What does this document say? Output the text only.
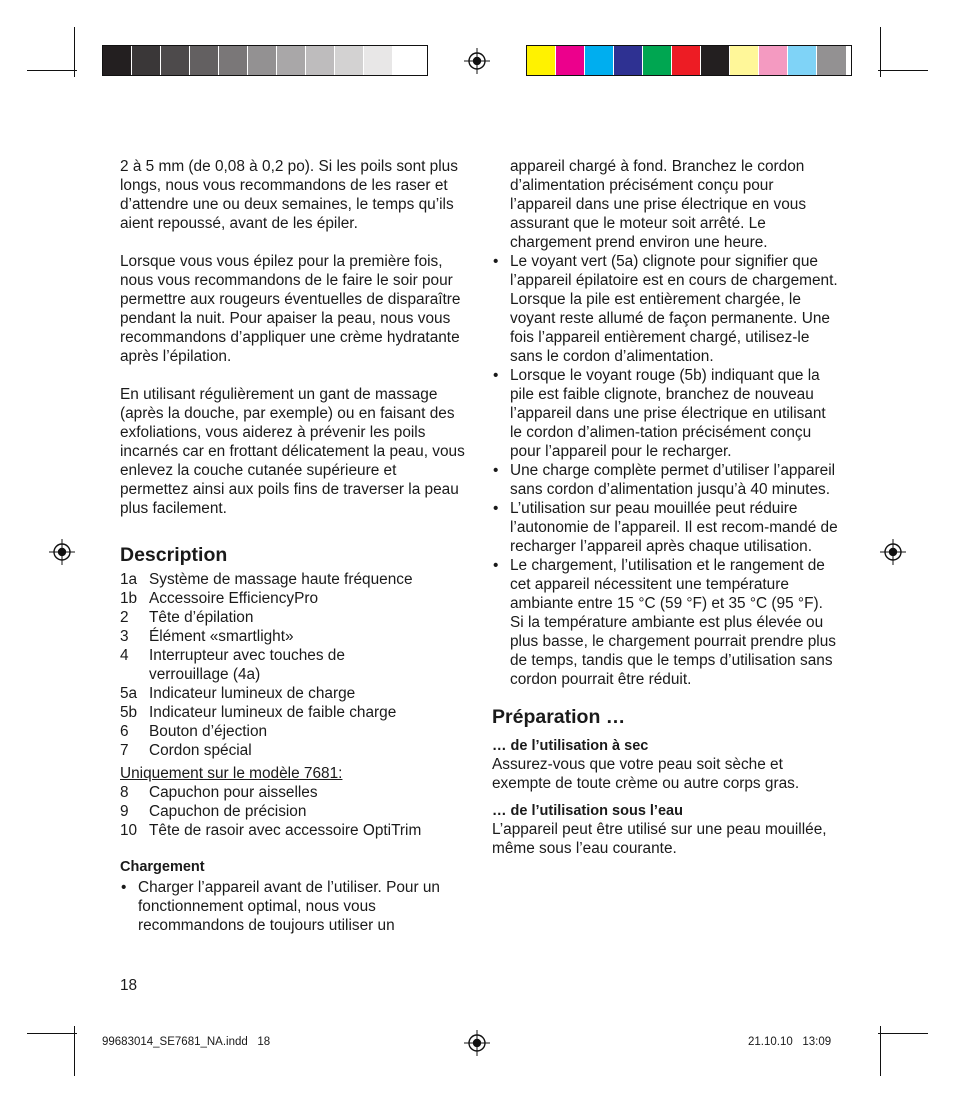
2 à 5 mm (de 0,08 à 0,2 po). Si les poils sont plus longs, nous vous recommandons de les raser et d’attendre une ou deux semaines, le temps qu’ils aient repoussé, avant de les épiler.

Lorsque vous vous épilez pour la première fois, nous vous recommandons de le faire le soir pour permettre aux rougeurs éventuelles de disparaître pendant la nuit. Pour apaiser la peau, nous vous recommandons d’appliquer une crème hydratante après l’épilation.

En utilisant régulièrement un gant de massage (après la douche, par exemple) ou en faisant des exfoliations, vous aiderez à prévenir les poils incarnés car en frottant délicatement la peau, vous enlevez la couche cutanée supérieure et permettez ainsi aux poils fins de traverser la peau plus facilement.

Description
1a Système de massage haute fréquence
1b Accessoire EfficiencyPro
2	Tête d’épilation
3	Élément «smartlight»
4	Interrupteur avec touches de verrouillage (4a)
5a Indicateur lumineux de charge
5b Indicateur lumineux de faible charge
6	Bouton d’éjection
7	Cordon spécial
Uniquement sur le modèle 7681:
8	Capuchon pour aisselles
9	Capuchon de précision
10 Tête de rasoir avec accessoire OptiTrim
Chargement
• Charger l’appareil avant de l’utiliser. Pour un fonctionnement optimal, nous vous recommandons de toujours utiliser un

appareil chargé à fond. Branchez le cordon d’alimentation précisément conçu pour l’appareil dans une prise électrique en vous assurant que le moteur soit arrêté. Le chargement prend environ une heure.

• Le voyant vert (5a) clignote pour signifier que l’appareil épilatoire est en cours de chargement. Lorsque la pile est entièrement chargée, le voyant reste allumé de façon permanente. Une fois l’appareil entièrement chargé, utilisez-le sans le cordon d’alimentation.
• Lorsque le voyant rouge (5b) indiquant que la pile est faible clignote, branchez de nouveau l’appareil dans une prise électrique en utilisant le cordon d’alimen-tation précisément conçu pour l’appareil pour le recharger.
• Une charge complète permet d’utiliser l’appareil sans cordon d’alimentation jusqu’à 40 minutes.
• L’utilisation sur peau mouillée peut réduire l’autonomie de l’appareil. Il est recom-mandé de recharger l’appareil après chaque utilisation.
• Le chargement, l’utilisation et le rangement de cet appareil nécessitent une température ambiante entre 15 °C (59 °F) et 35 °C (95 °F). Si la température ambiante est plus élevée ou plus basse, le chargement pourrait prendre plus de temps, tandis que le temps d’utilisation sans cordon pourrait être réduit.
Préparation …
… de l’utilisation à sec

Assurez-vous que votre peau soit sèche et exempte de toute crème ou autre corps gras.

… de l’utilisation sous l’eau

L’appareil peut être utilisé sur une peau mouillée, même sous l’eau courante.

18
99683014_SE7681_NA.indd   18	21.10.10   13:09
